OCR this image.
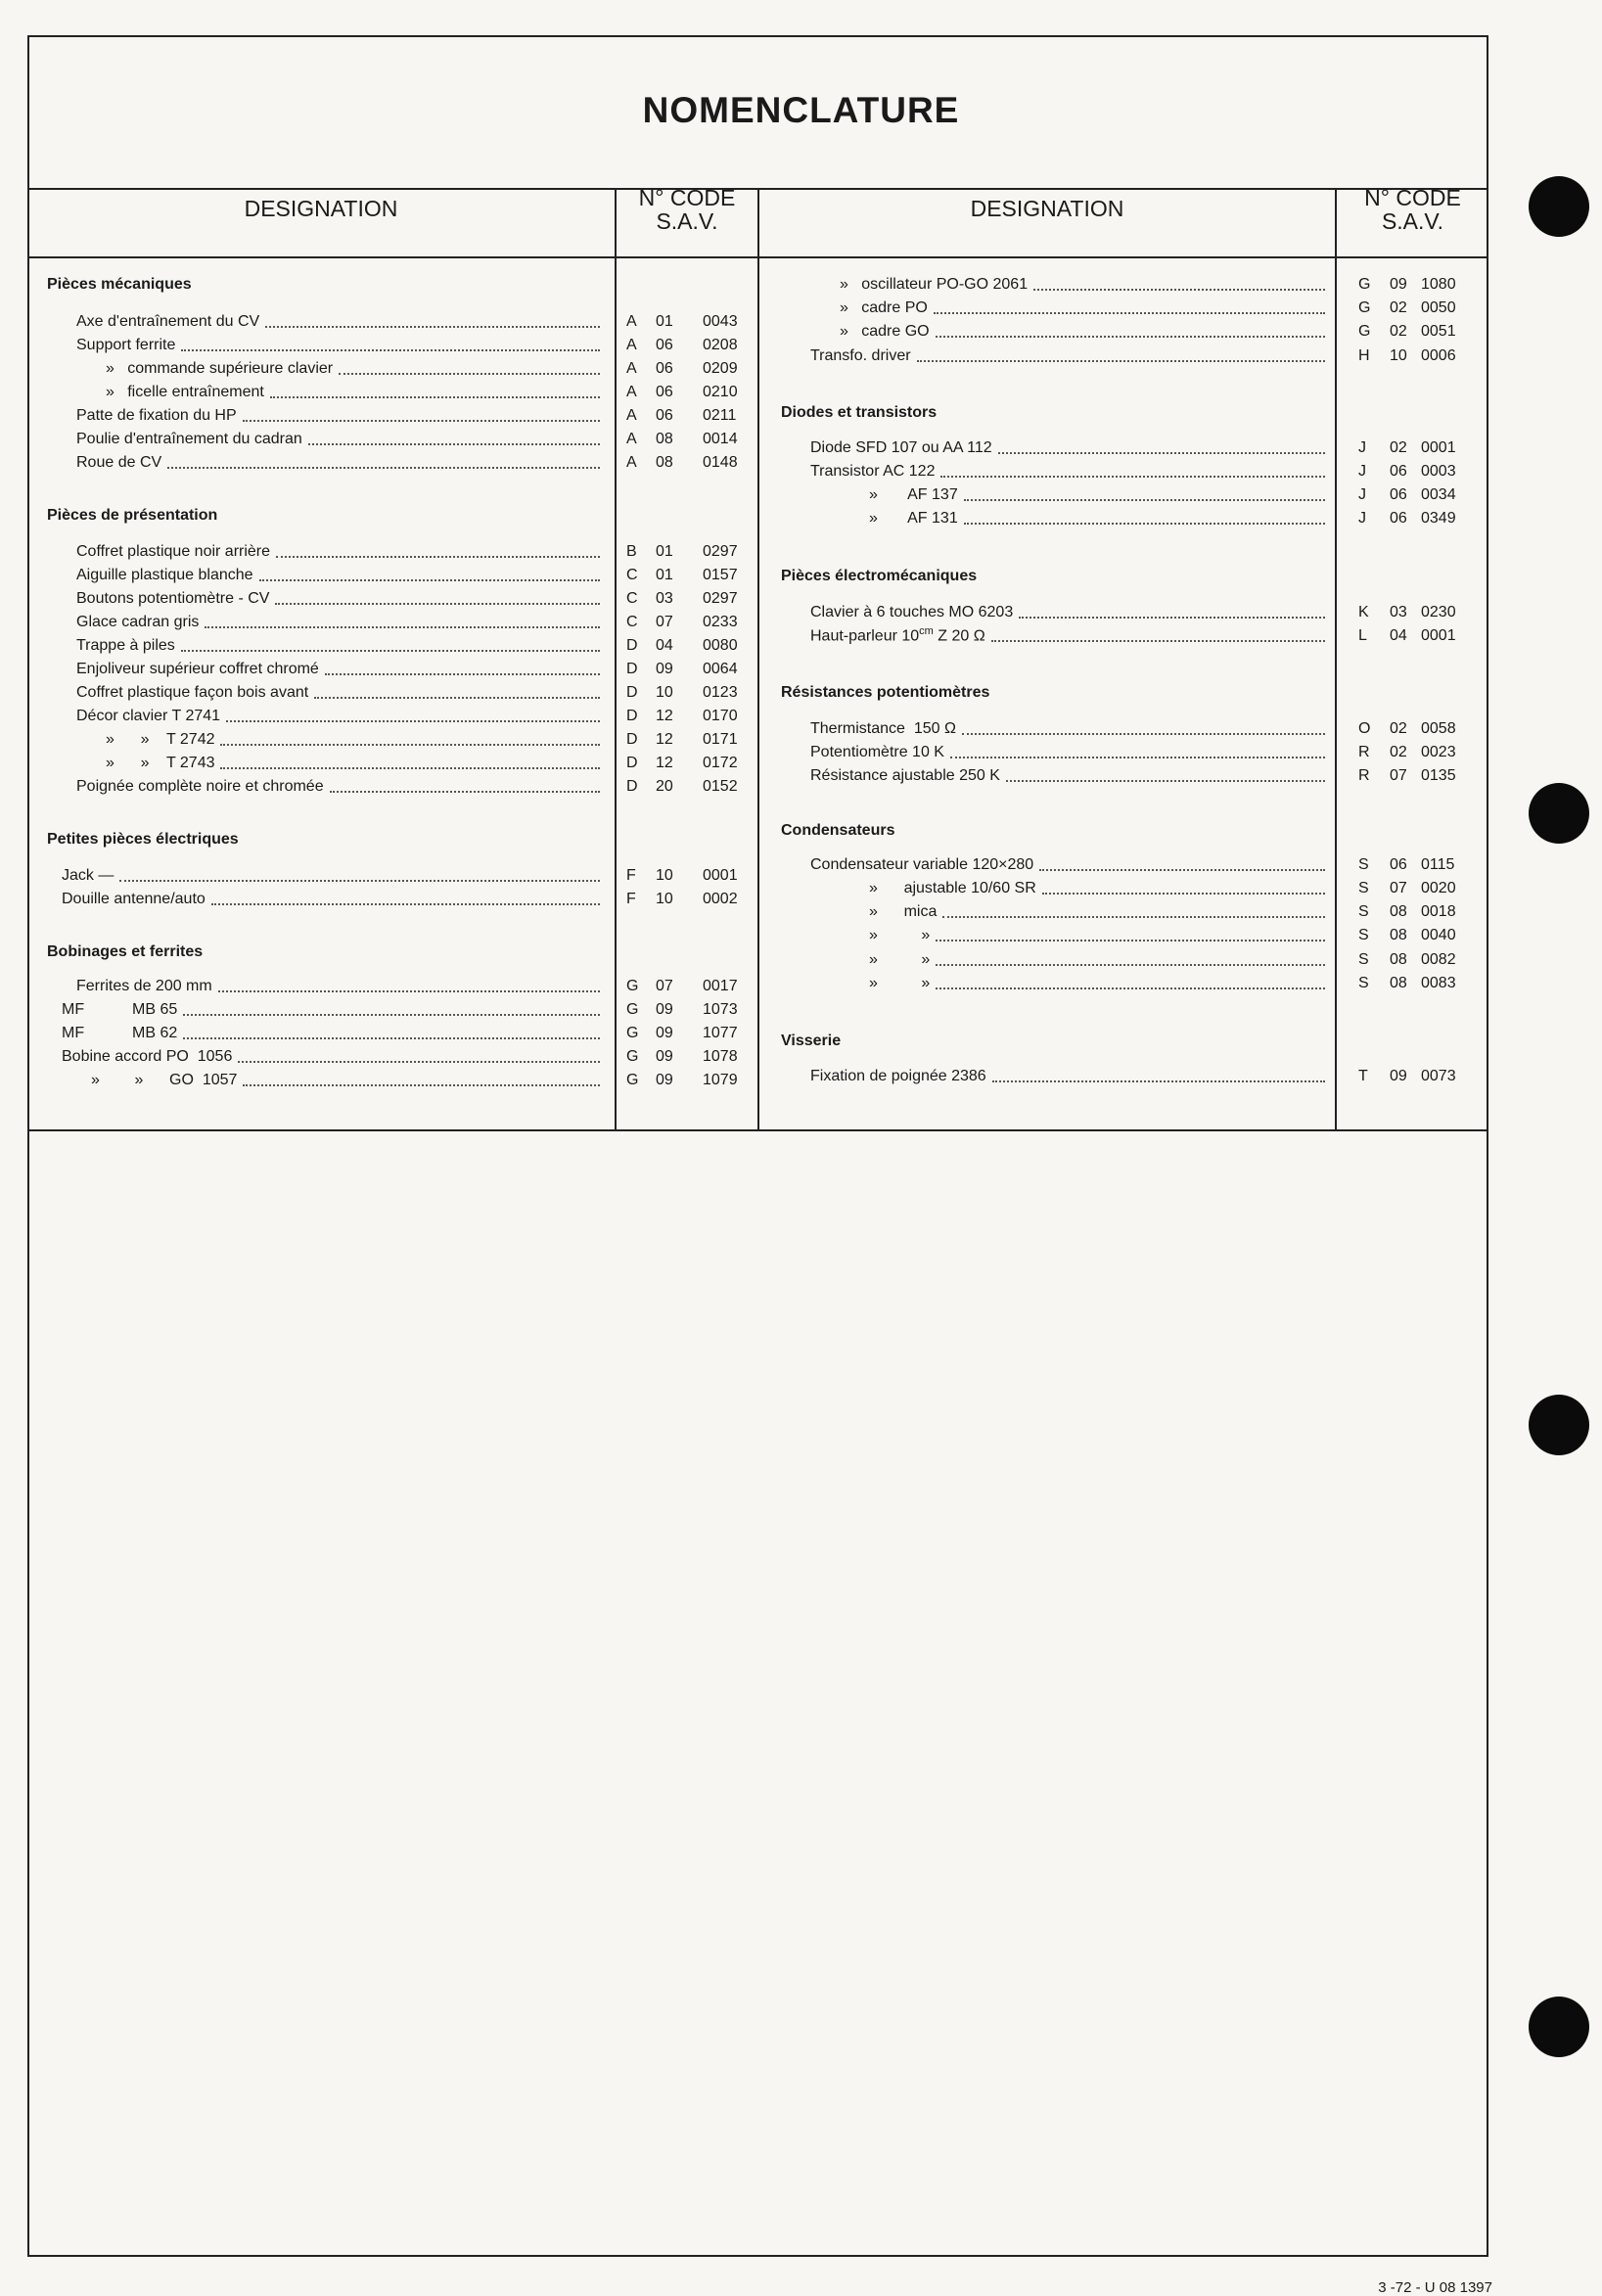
NOMENCLATURE
DESIGNATION	N° CODE
S.A.V.	DESIGNATION	N° CODE
S.A.V.
Pièces mécaniques
Axe d'entraînement du CV	A 01 0043
Support ferrite	A 06 0208
»   commande supérieure clavier	A 06 0209
»   ficelle entraînement	A 06 0210
Patte de fixation du HP	A 06 0211
Poulie d'entraînement du cadran	A 08 0014
Roue de CV	A 08 0148
Pièces de présentation
Coffret plastique noir arrière	B 01 0297
Aiguille plastique blanche	C 01 0157
Boutons potentiomètre - CV	C 03 0297
Glace cadran gris	C 07 0233
Trappe à piles	D 04 0080
Enjoliveur supérieur coffret chromé	D 09 0064
Coffret plastique façon bois avant	D 10 0123
Décor clavier T 2741	D 12 0170
»      »    T 2742	D 12 0171
»      »    T 2743	D 12 0172
Poignée complète noire et chromée	D 20 0152
Petites pièces électriques
Jack —	F 10 0001
Douille antenne/auto	F 10 0002
Bobinages et ferrites
Ferrites de 200 mm	G 07 0017
MF           MB 65	G 09 1073
MF           MB 62	G 09 1077
Bobine accord PO  1056	G 09 1078
»        »      GO  1057	G 09 1079
»   oscillateur PO-GO 2061	G 09 1080
»   cadre PO	G 02 0050
»   cadre GO	G 02 0051
Transfo. driver	H 10 0006
Diodes et transistors
Diode SFD 107 ou AA 112	J 02 0001
Transistor AC 122	J 06 0003
»       AF 137	J 06 0034
»       AF 131	J 06 0349
Pièces électromécaniques
Clavier à 6 touches MO 6203	K 03 0230
Haut-parleur $10^{cm}$ Z 20 Ω	L 04 0001
Résistances potentiomètres
Thermistance  150 Ω	O 02 0058
Potentiomètre 10 K	R 02 0023
Résistance ajustable 250 K	R 07 0135
Condensateurs
Condensateur variable 120×280	S 06 0115
»      ajustable 10/60 SR	S 07 0020
»      mica	S 08 0018
»          »	S 08 0040
»          »	S 08 0082
»          »	S 08 0083
Visserie
Fixation de poignée 2386	T 09 0073
3 -72 - U 08 1397
